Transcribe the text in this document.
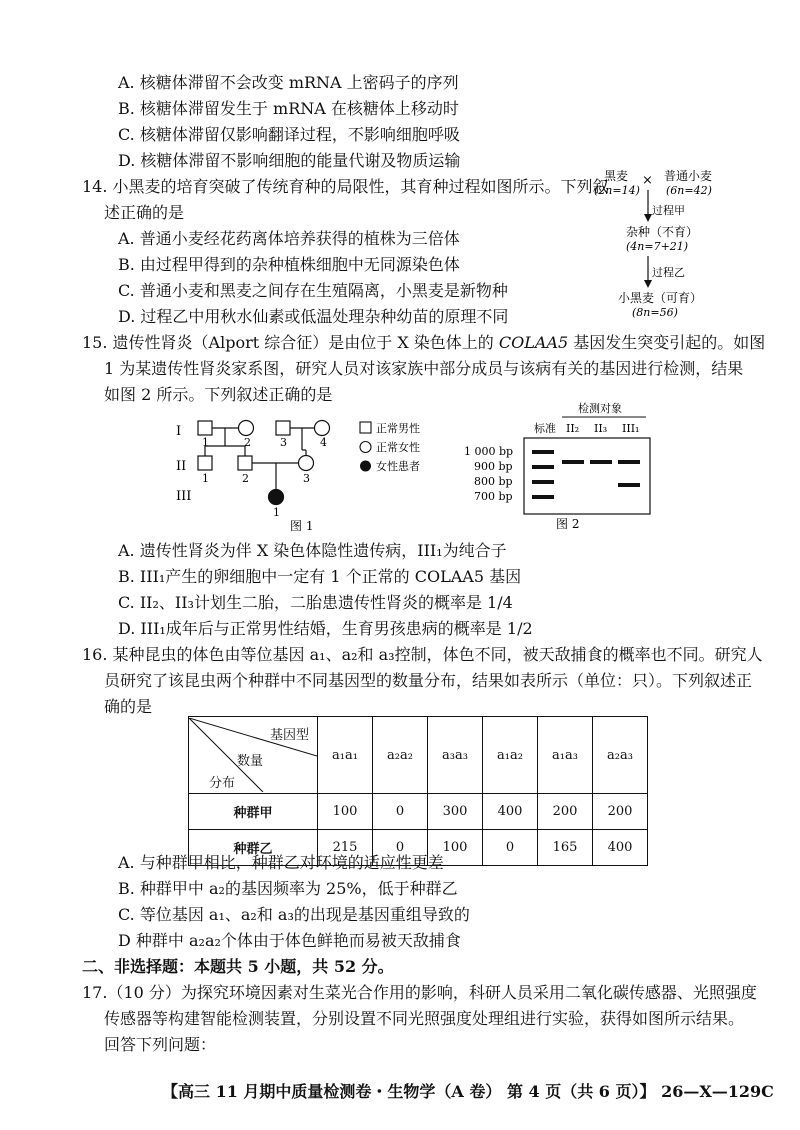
A. 核糖体滞留不会改变 mRNA 上密码子的序列
B. 核糖体滞留发生于 mRNA 在核糖体上移动时
C. 核糖体滞留仅影响翻译过程，不影响细胞呼吸
D. 核糖体滞留不影响细胞的能量代谢及物质运输
14. 小黑麦的培育突破了传统育种的局限性，其育种过程如图所示。下列叙
述正确的是
A. 普通小麦经花药离体培养获得的植株为三倍体
B. 由过程甲得到的杂种植株细胞中无同源染色体
C. 普通小麦和黑麦之间存在生殖隔离，小黑麦是新物种
D. 过程乙中用秋水仙素或低温处理杂种幼苗的原理不同
黑麦
(2n=14)
× 普通小麦
(6n=42)
过程甲
杂种（不育）
(4n=7+21)
过程乙
小黑麦（可育）
(8n=56)
15. 遗传性肾炎（Alport 综合征）是由位于 X 染色体上的 COLAA5 基因发生突变引起的。如图
1 为某遗传性肾炎家系图，研究人员对该家族中部分成员与该病有关的基因进行检测，结果
如图 2 所示。下列叙述正确的是
I
II
III
1	2	3	4
1	2	3
1
正常男性
正常女性
女性患者
图 1
检测对象
标准 II₂ II₃ III₁
1 000 bp
900 bp
800 bp
700 bp
图 2
A. 遗传性肾炎为伴 X 染色体隐性遗传病，III₁为纯合子
B. III₁产生的卵细胞中一定有 1 个正常的 COLAA5 基因
C. II₂、II₃计划生二胎，二胎患遗传性肾炎的概率是 1/4
D. III₁成年后与正常男性结婚，生育男孩患病的概率是 1/2
16. 某种昆虫的体色由等位基因 a₁、a₂和 a₃控制，体色不同，被天敌捕食的概率也不同。研究人
员研究了该昆虫两个种群中不同基因型的数量分布，结果如表所示（单位：只）。下列叙述正
确的是
基因型
数量
分布	a₁a₁	a₂a₂	a₃a₃	a₁a₂	a₁a₃	a₂a₃
种群甲	100	0	300	400	200	200
种群乙	215	0	100	0	165	400
A. 与种群甲相比，种群乙对环境的适应性更差
B. 种群甲中 a₂的基因频率为 25%，低于种群乙
C. 等位基因 a₁、a₂和 a₃的出现是基因重组导致的
D 种群中 a₂a₂个体由于体色鲜艳而易被天敌捕食
二、非选择题：本题共 5 小题，共 52 分。
17.（10 分）为探究环境因素对生菜光合作用的影响，科研人员采用二氧化碳传感器、光照强度
传感器等构建智能检测装置，分别设置不同光照强度处理组进行实验，获得如图所示结果。
回答下列问题：
【高三 11 月期中质量检测卷・生物学（A 卷） 第 4 页（共 6 页）】 26—X—129C
